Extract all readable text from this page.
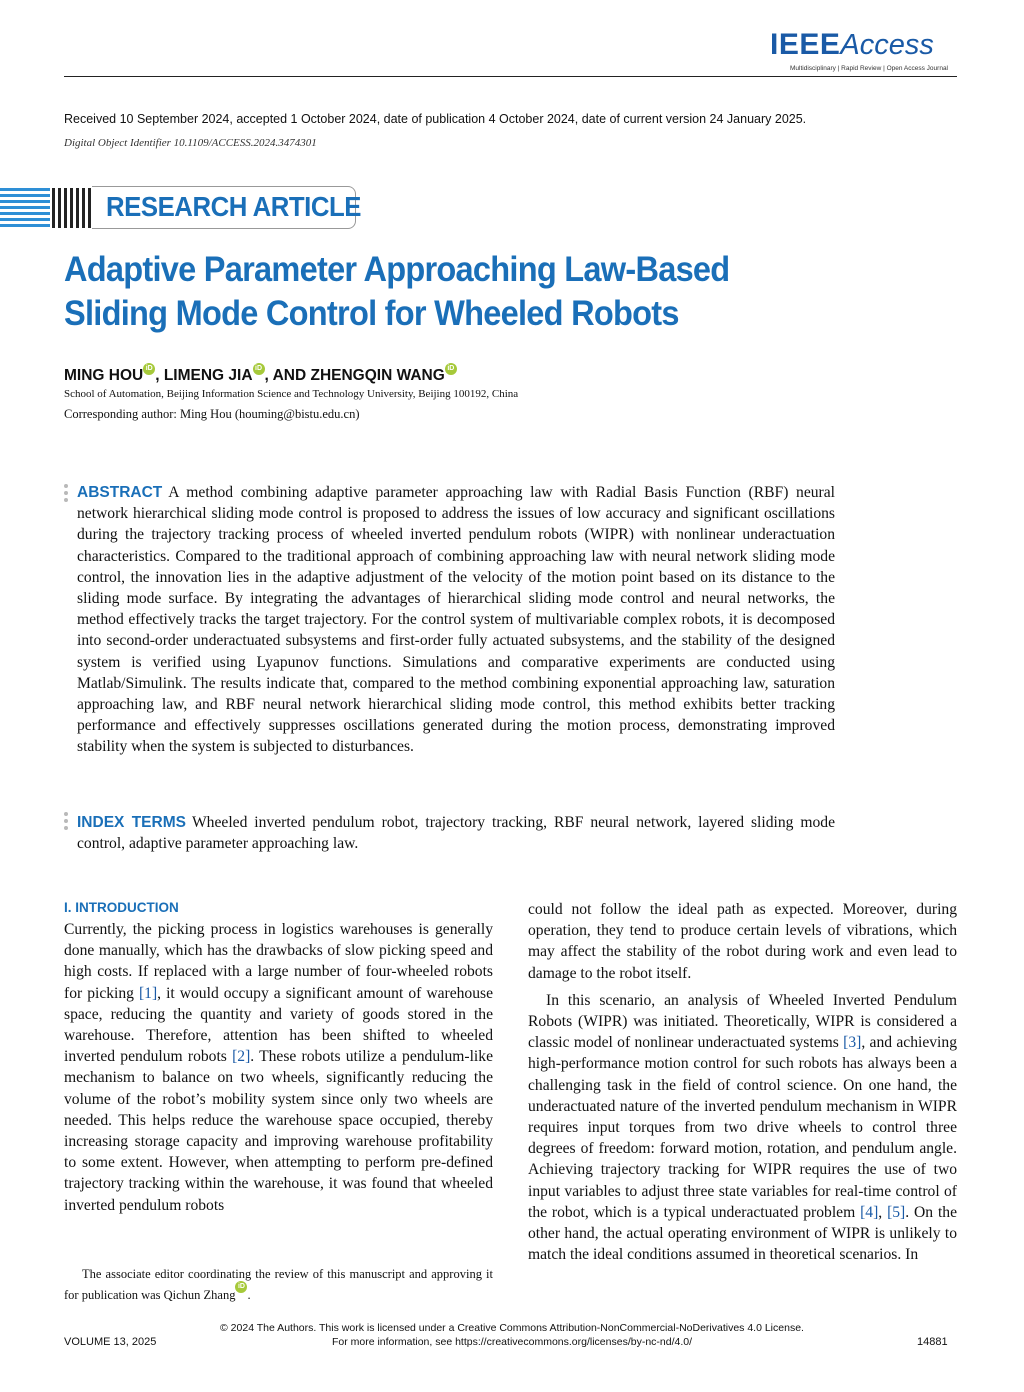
IEEEAccess
Multidisciplinary | Rapid Review | Open Access Journal
Received 10 September 2024, accepted 1 October 2024, date of publication 4 October 2024, date of current version 24 January 2025.
Digital Object Identifier 10.1109/ACCESS.2024.3474301
RESEARCH ARTICLE
Adaptive Parameter Approaching Law-Based
Sliding Mode Control for Wheeled Robots
MING HOU iD , LIMENG JIA iD , AND ZHENGQIN WANG iD
School of Automation, Beijing Information Science and Technology University, Beijing 100192, China
Corresponding author: Ming Hou (houming@bistu.edu.cn)
ABSTRACT A method combining adaptive parameter approaching law with Radial Basis Function (RBF) neural network hierarchical sliding mode control is proposed to address the issues of low accuracy and significant oscillations during the trajectory tracking process of wheeled inverted pendulum robots (WIPR) with nonlinear underactuation characteristics. Compared to the traditional approach of combining approaching law with neural network sliding mode control, the innovation lies in the adaptive adjustment of the velocity of the motion point based on its distance to the sliding mode surface. By integrating the advantages of hierarchical sliding mode control and neural networks, the method effectively tracks the target trajectory. For the control system of multivariable complex robots, it is decomposed into second-order underactuated subsystems and first-order fully actuated subsystems, and the stability of the designed system is verified using Lyapunov functions. Simulations and comparative experiments are conducted using Matlab/Simulink. The results indicate that, compared to the method combining exponential approaching law, saturation approaching law, and RBF neural network hierarchical sliding mode control, this method exhibits better tracking performance and effectively suppresses oscillations generated during the motion process, demonstrating improved stability when the system is subjected to disturbances.
INDEX TERMS Wheeled inverted pendulum robot, trajectory tracking, RBF neural network, layered sliding mode control, adaptive parameter approaching law.
I. INTRODUCTION

Currently, the picking process in logistics warehouses is generally done manually, which has the drawbacks of slow picking speed and high costs. If replaced with a large number of four-wheeled robots for picking [1], it would occupy a significant amount of warehouse space, reducing the quantity and variety of goods stored in the warehouse. Therefore, attention has been shifted to wheeled inverted pendulum robots [2]. These robots utilize a pendulum-like mechanism to balance on two wheels, significantly reducing the volume of the robot’s mobility system since only two wheels are needed. This helps reduce the warehouse space occupied, thereby increasing storage capacity and improving warehouse profitability to some extent. However, when attempting to perform pre-defined trajectory tracking within the warehouse, it was found that wheeled inverted pendulum robots

The associate editor coordinating the review of this manuscript and approving it for publication was Qichun ZhangiD.

could not follow the ideal path as expected. Moreover, during operation, they tend to produce certain levels of vibrations, which may affect the stability of the robot during work and even lead to damage to the robot itself.

In this scenario, an analysis of Wheeled Inverted Pendulum Robots (WIPR) was initiated. Theoretically, WIPR is considered a classic model of nonlinear underactuated systems [3], and achieving high-performance motion control for such robots has always been a challenging task in the field of control science. On one hand, the underactuated nature of the inverted pendulum mechanism in WIPR requires input torques from two drive wheels to control three degrees of freedom: forward motion, rotation, and pendulum angle. Achieving trajectory tracking for WIPR requires the use of two input variables to adjust three state variables for real-time control of the robot, which is a typical underactuated problem [4], [5]. On the other hand, the actual operating environment of WIPR is unlikely to match the ideal conditions assumed in theoretical scenarios. In

© 2024 The Authors. This work is licensed under a Creative Commons Attribution-NonCommercial-NoDerivatives 4.0 License.
For more information, see https://creativecommons.org/licenses/by-nc-nd/4.0/
VOLUME 13, 2025	14881
